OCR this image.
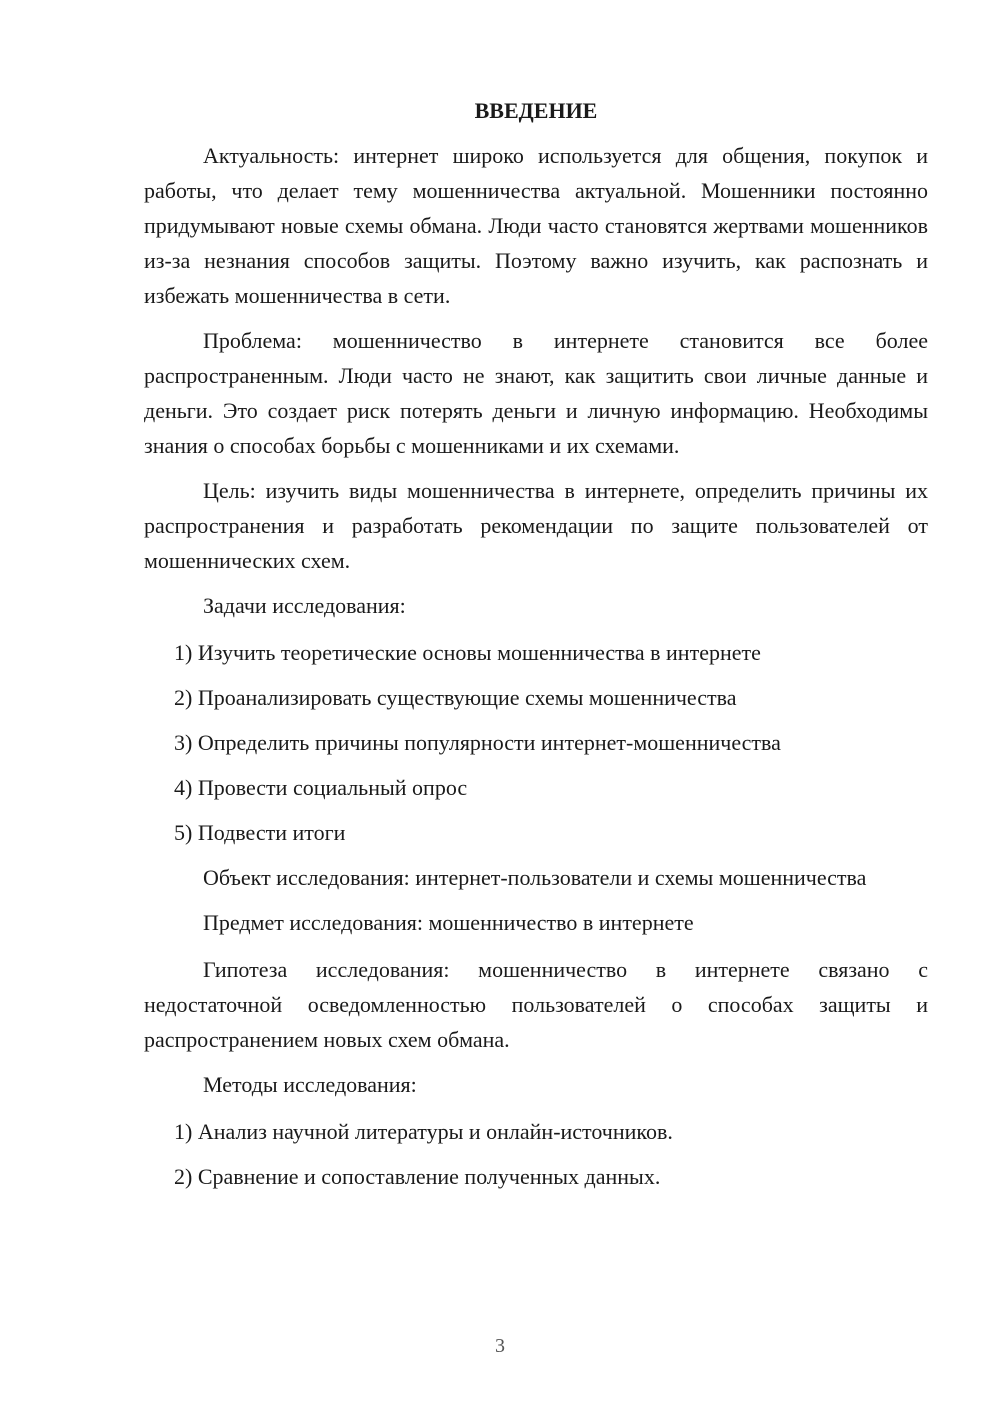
ВВЕДЕНИЕ

Актуальность: интернет широко используется для общения, покупок и работы, что делает тему мошенничества актуальной. Мошенники постоянно придумывают новые схемы обмана. Люди часто становятся жертвами мошенников из-за незнания способов защиты. Поэтому важно изучить, как распознать и избежать мошенничества в сети.

Проблема: мошенничество в интернете становится все более распространенным. Люди часто не знают, как защитить свои личные данные и деньги. Это создает риск потерять деньги и личную информацию. Необходимы знания о способах борьбы с мошенниками и их схемами.

Цель: изучить виды мошенничества в интернете, определить причины их распространения и разработать рекомендации по защите пользователей от мошеннических схем.

Задачи исследования:

1) Изучить теоретические основы мошенничества в интернете
2) Проанализировать существующие схемы мошенничества
3) Определить причины популярности интернет-мошенничества
4) Провести социальный опрос
5) Подвести итоги

Объект исследования: интернет-пользователи и схемы мошенничества

Предмет исследования: мошенничество в интернете

Гипотеза исследования: мошенничество в интернете связано с недостаточной осведомленностью пользователей о способах защиты и распространением новых схем обмана.

Методы исследования:

1) Анализ научной литературы и онлайн-источников.
2) Сравнение и сопоставление полученных данных.
3
